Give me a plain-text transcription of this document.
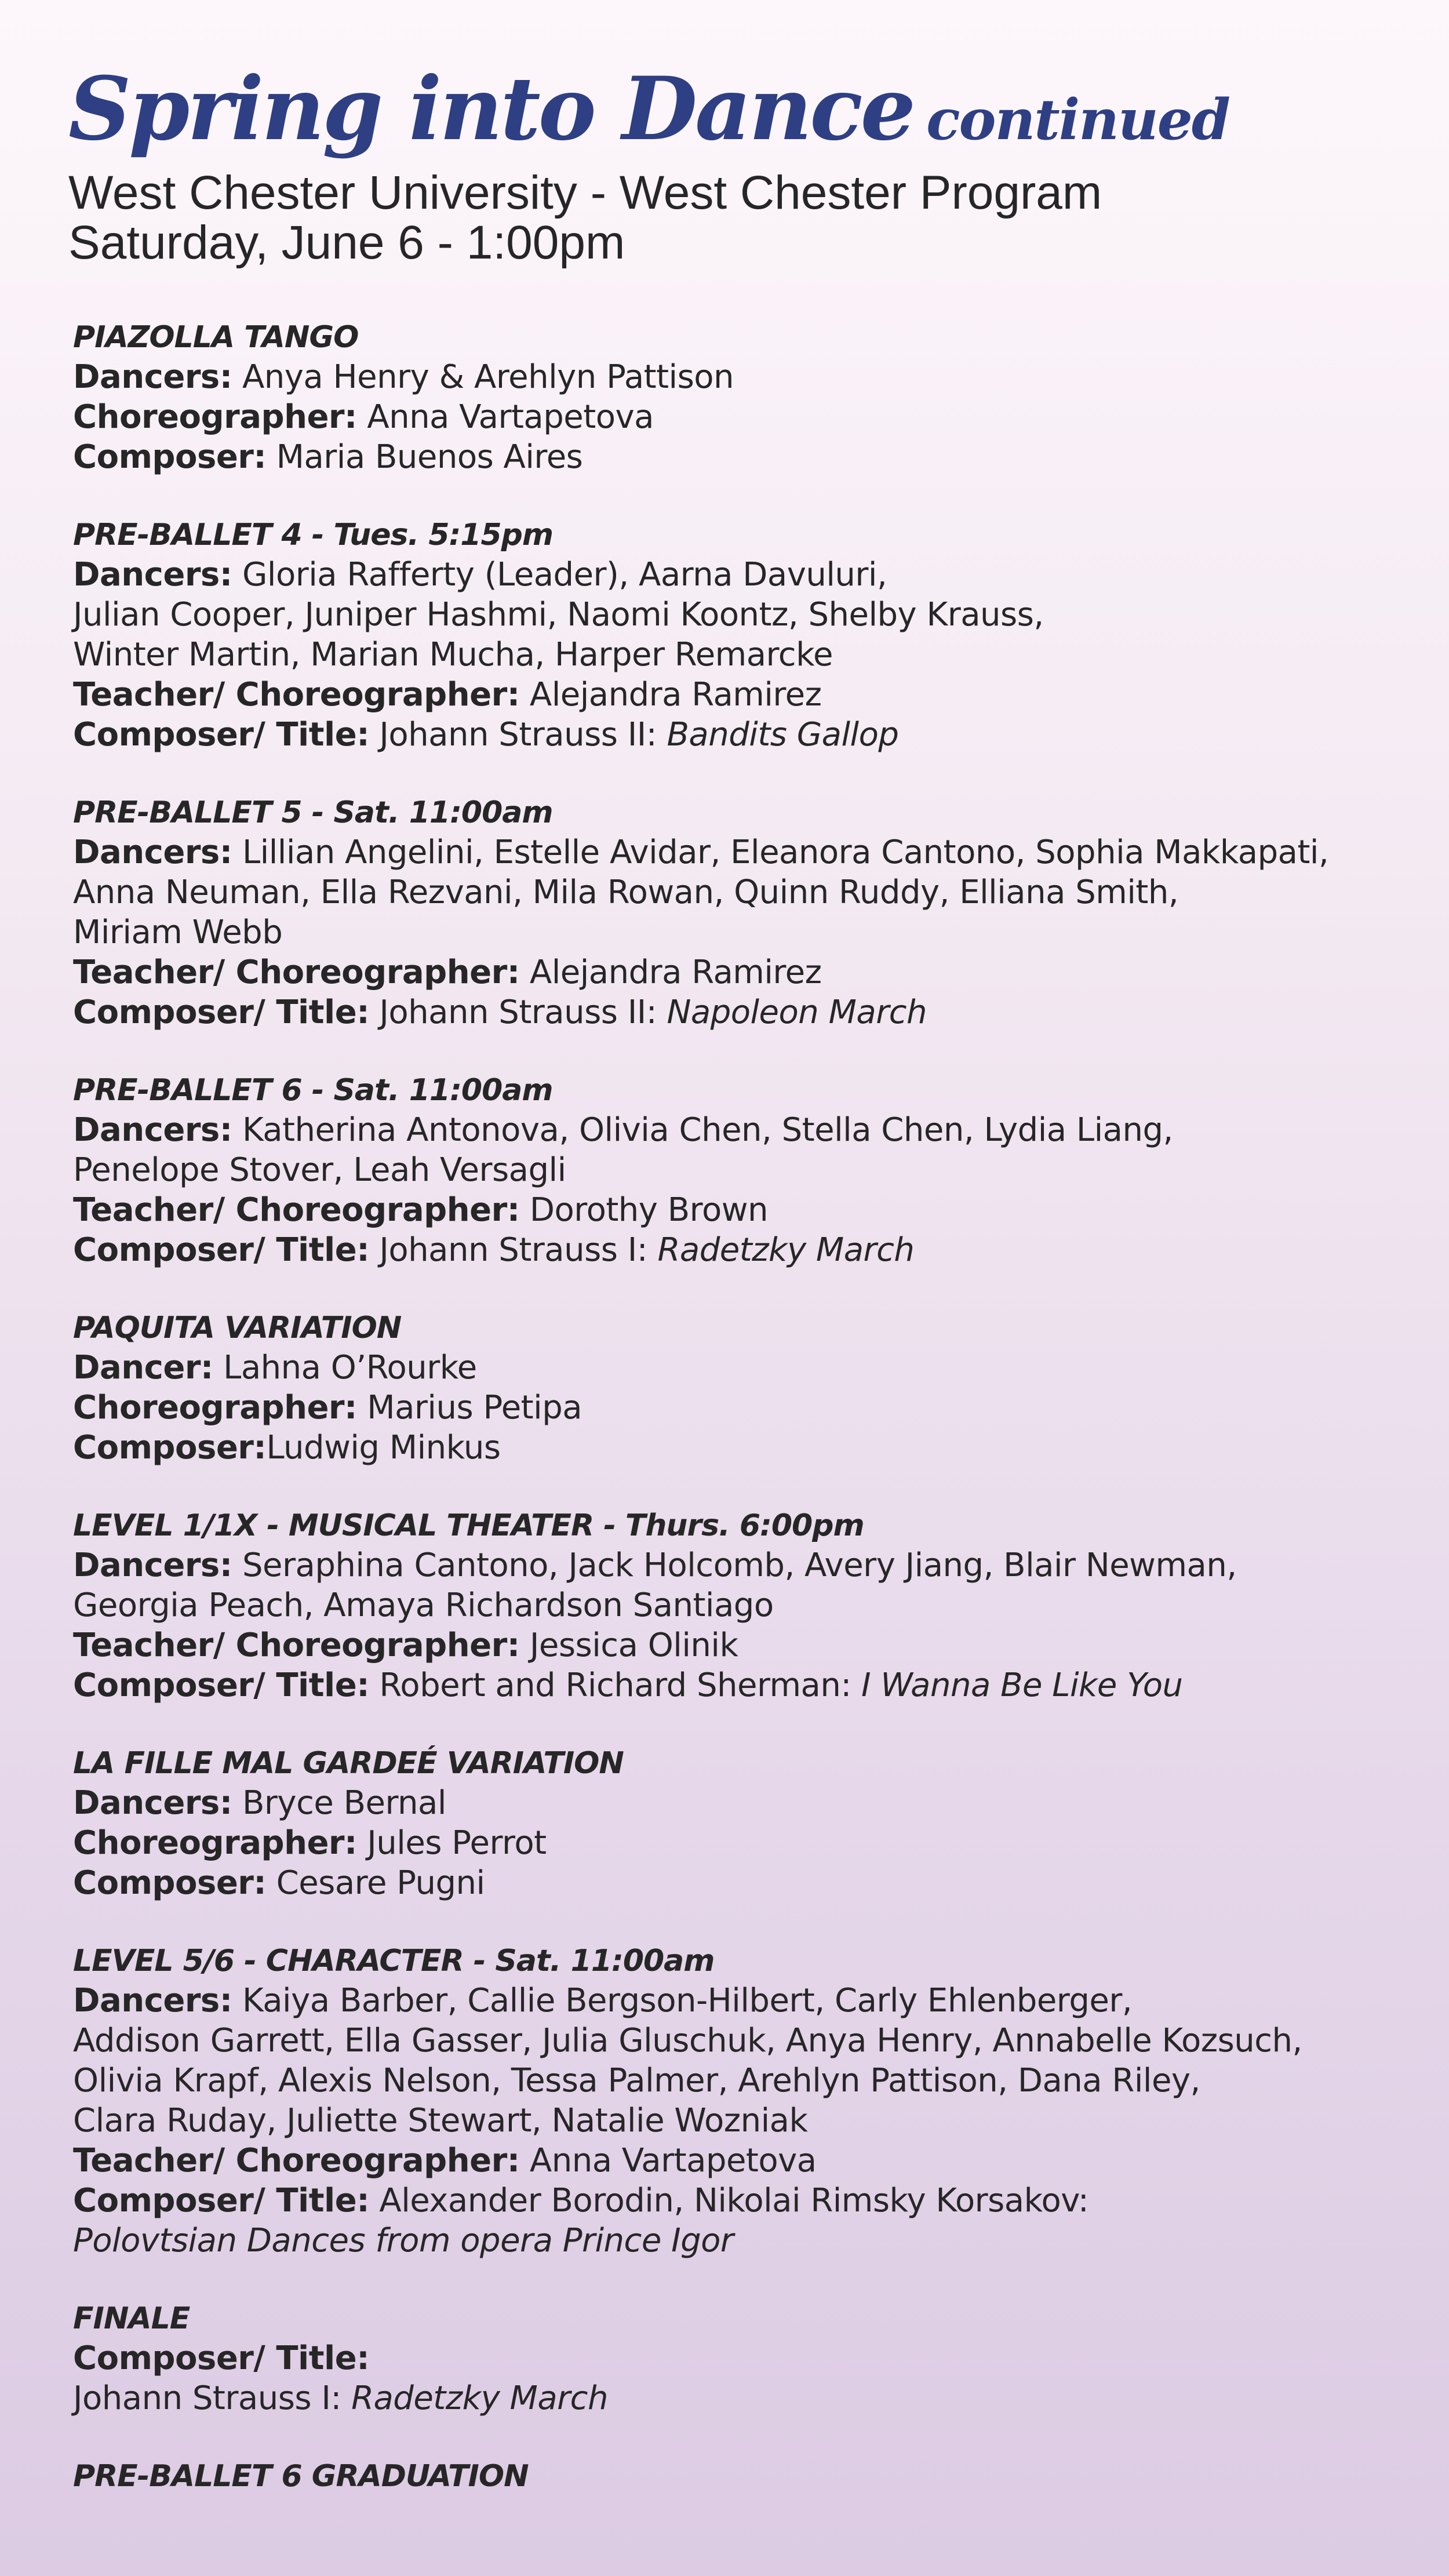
Spring into Dance continued
West Chester University - West Chester Program
Saturday, June 6 - 1:00pm
PIAZOLLA TANGO
Dancers: Anya Henry & Arehlyn Pattison
Choreographer: Anna Vartapetova
Composer: Maria Buenos Aires
PRE-BALLET 4 - Tues. 5:15pm
Dancers: Gloria Rafferty (Leader), Aarna Davuluri,
Julian Cooper, Juniper Hashmi, Naomi Koontz, Shelby Krauss,
Winter Martin, Marian Mucha, Harper Remarcke
Teacher/ Choreographer: Alejandra Ramirez
Composer/ Title: Johann Strauss II: Bandits Gallop
PRE-BALLET 5 - Sat. 11:00am
Dancers: Lillian Angelini, Estelle Avidar, Eleanora Cantono, Sophia Makkapati,
Anna Neuman, Ella Rezvani, Mila Rowan, Quinn Ruddy, Elliana Smith,
Miriam Webb
Teacher/ Choreographer: Alejandra Ramirez
Composer/ Title: Johann Strauss II: Napoleon March
PRE-BALLET 6 - Sat. 11:00am
Dancers: Katherina Antonova, Olivia Chen, Stella Chen, Lydia Liang,
Penelope Stover, Leah Versagli
Teacher/ Choreographer: Dorothy Brown
Composer/ Title: Johann Strauss I: Radetzky March
PAQUITA VARIATION
Dancer: Lahna O’Rourke
Choreographer: Marius Petipa
Composer:Ludwig Minkus
LEVEL 1/1X - MUSICAL THEATER - Thurs. 6:00pm
Dancers: Seraphina Cantono, Jack Holcomb, Avery Jiang, Blair Newman,
Georgia Peach, Amaya Richardson Santiago
Teacher/ Choreographer: Jessica Olinik
Composer/ Title: Robert and Richard Sherman: I Wanna Be Like You
LA FILLE MAL GARDEÉ VARIATION
Dancers: Bryce Bernal
Choreographer: Jules Perrot
Composer: Cesare Pugni
LEVEL 5/6 - CHARACTER - Sat. 11:00am
Dancers: Kaiya Barber, Callie Bergson-Hilbert, Carly Ehlenberger,
Addison Garrett, Ella Gasser, Julia Gluschuk, Anya Henry, Annabelle Kozsuch,
Olivia Krapf, Alexis Nelson, Tessa Palmer, Arehlyn Pattison, Dana Riley,
Clara Ruday, Juliette Stewart, Natalie Wozniak
Teacher/ Choreographer: Anna Vartapetova
Composer/ Title: Alexander Borodin, Nikolai Rimsky Korsakov:
Polovtsian Dances from opera Prince Igor
FINALE
Composer/ Title:
Johann Strauss I: Radetzky March
PRE-BALLET 6 GRADUATION
